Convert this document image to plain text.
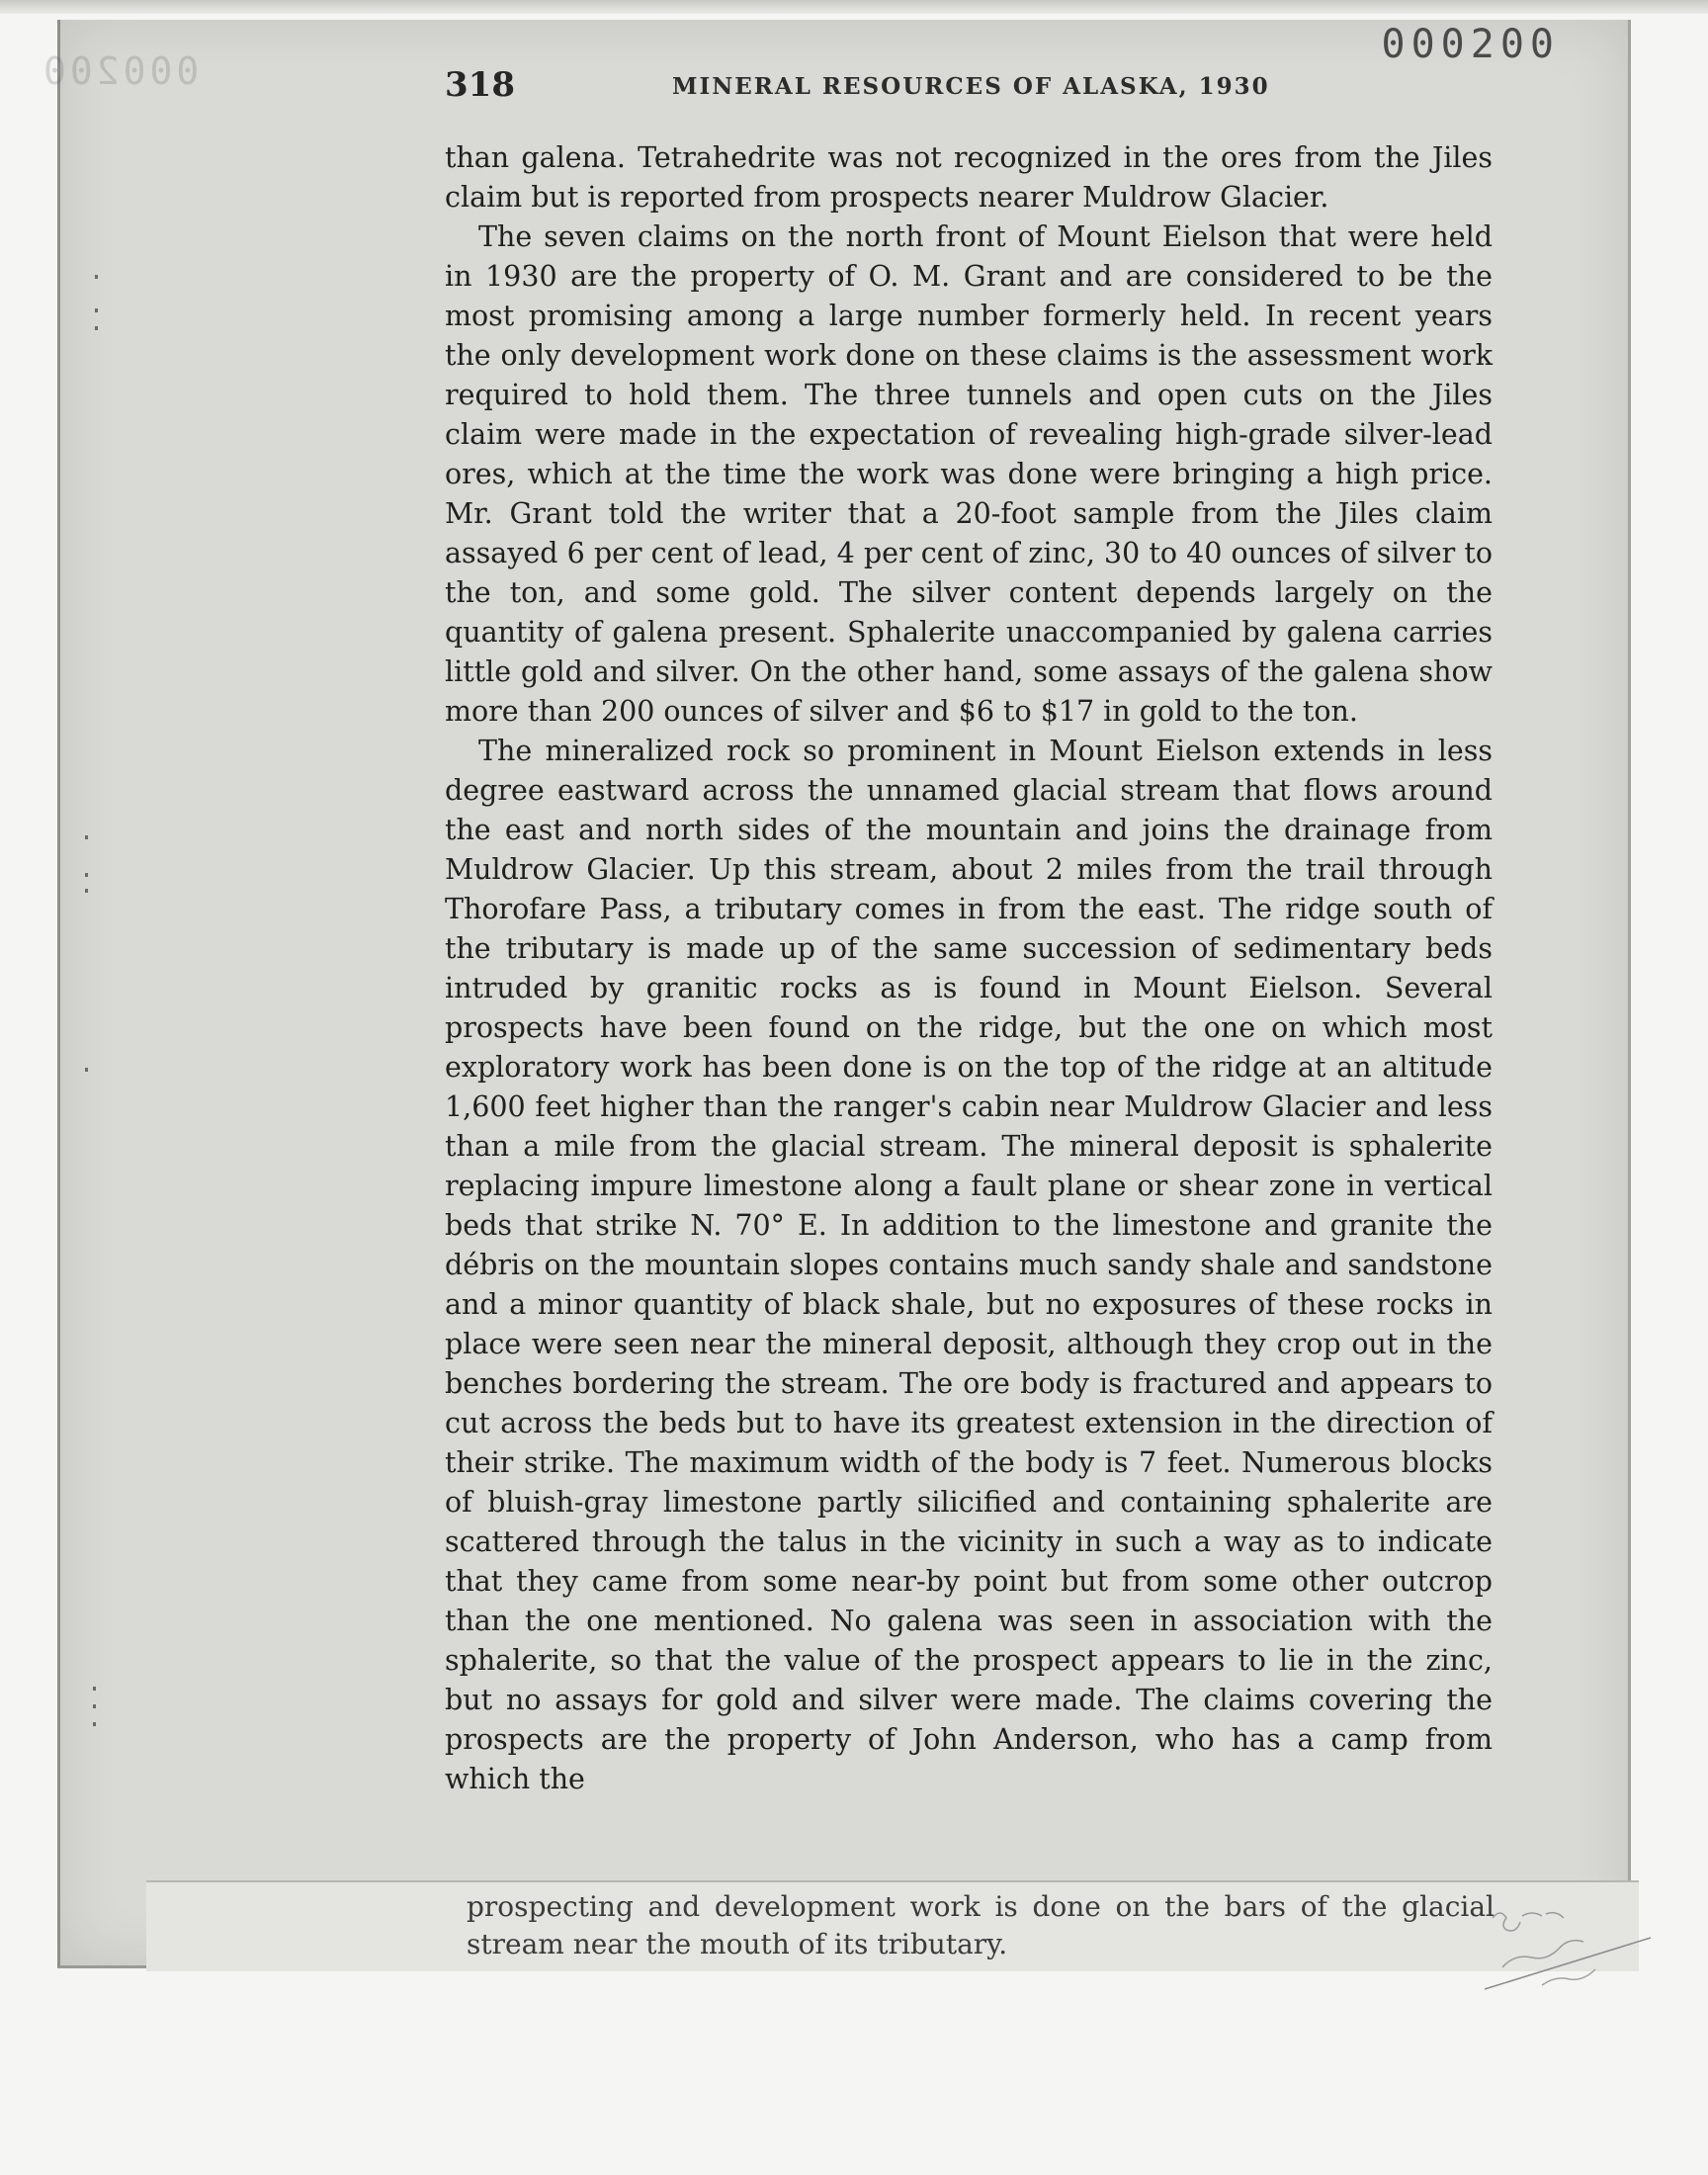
000200
000200
318	MINERAL RESOURCES OF ALASKA, 1930

than galena. Tetrahedrite was not recognized in the ores from the Jiles claim but is reported from prospects nearer Muldrow Glacier.

The seven claims on the north front of Mount Eielson that were held in 1930 are the property of O. M. Grant and are considered to be the most promising among a large number formerly held. In recent years the only development work done on these claims is the assessment work required to hold them. The three tunnels and open cuts on the Jiles claim were made in the expectation of revealing high-grade silver-lead ores, which at the time the work was done were bringing a high price. Mr. Grant told the writer that a 20-foot sample from the Jiles claim assayed 6 per cent of lead, 4 per cent of zinc, 30 to 40 ounces of silver to the ton, and some gold. The silver content depends largely on the quantity of galena present. Sphalerite unaccompanied by galena carries little gold and silver. On the other hand, some assays of the galena show more than 200 ounces of silver and $6 to $17 in gold to the ton.

The mineralized rock so prominent in Mount Eielson extends in less degree eastward across the unnamed glacial stream that flows around the east and north sides of the mountain and joins the drainage from Muldrow Glacier. Up this stream, about 2 miles from the trail through Thorofare Pass, a tributary comes in from the east. The ridge south of the tributary is made up of the same succession of sedimentary beds intruded by granitic rocks as is found in Mount Eielson. Several prospects have been found on the ridge, but the one on which most exploratory work has been done is on the top of the ridge at an altitude 1,600 feet higher than the ranger's cabin near Muldrow Glacier and less than a mile from the glacial stream. The mineral deposit is sphalerite replacing impure limestone along a fault plane or shear zone in vertical beds that strike N. 70° E. In addition to the limestone and granite the débris on the mountain slopes contains much sandy shale and sandstone and a minor quantity of black shale, but no exposures of these rocks in place were seen near the mineral deposit, although they crop out in the benches bordering the stream. The ore body is fractured and appears to cut across the beds but to have its greatest extension in the direction of their strike. The maximum width of the body is 7 feet. Numerous blocks of bluish-gray limestone partly silicified and containing sphalerite are scattered through the talus in the vicinity in such a way as to indicate that they came from some near-by point but from some other outcrop than the one mentioned. No galena was seen in association with the sphalerite, so that the value of the prospect appears to lie in the zinc, but no assays for gold and silver were made. The claims covering the prospects are the property of John Anderson, who has a camp from which the

prospecting and development work is done on the bars of the glacial stream near the mouth of its tributary.
